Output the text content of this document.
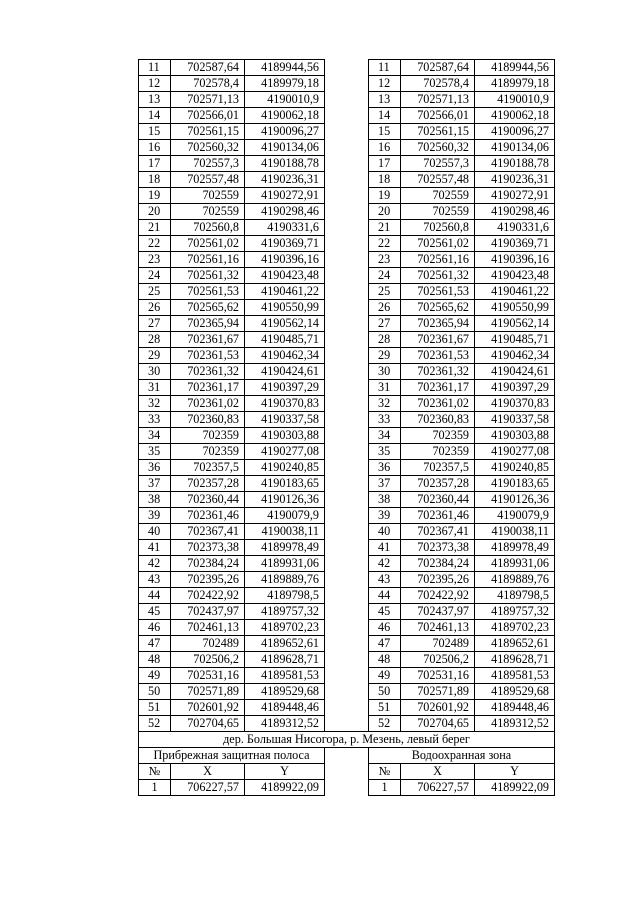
11	702587,64	4189944,56		11	702587,64	4189944,56
12	702578,4	4189979,18		12	702578,4	4189979,18
13	702571,13	4190010,9		13	702571,13	4190010,9
14	702566,01	4190062,18		14	702566,01	4190062,18
15	702561,15	4190096,27		15	702561,15	4190096,27
16	702560,32	4190134,06		16	702560,32	4190134,06
17	702557,3	4190188,78		17	702557,3	4190188,78
18	702557,48	4190236,31		18	702557,48	4190236,31
19	702559	4190272,91		19	702559	4190272,91
20	702559	4190298,46		20	702559	4190298,46
21	702560,8	4190331,6		21	702560,8	4190331,6
22	702561,02	4190369,71		22	702561,02	4190369,71
23	702561,16	4190396,16		23	702561,16	4190396,16
24	702561,32	4190423,48		24	702561,32	4190423,48
25	702561,53	4190461,22		25	702561,53	4190461,22
26	702565,62	4190550,99		26	702565,62	4190550,99
27	702365,94	4190562,14		27	702365,94	4190562,14
28	702361,67	4190485,71		28	702361,67	4190485,71
29	702361,53	4190462,34		29	702361,53	4190462,34
30	702361,32	4190424,61		30	702361,32	4190424,61
31	702361,17	4190397,29		31	702361,17	4190397,29
32	702361,02	4190370,83		32	702361,02	4190370,83
33	702360,83	4190337,58		33	702360,83	4190337,58
34	702359	4190303,88		34	702359	4190303,88
35	702359	4190277,08		35	702359	4190277,08
36	702357,5	4190240,85		36	702357,5	4190240,85
37	702357,28	4190183,65		37	702357,28	4190183,65
38	702360,44	4190126,36		38	702360,44	4190126,36
39	702361,46	4190079,9		39	702361,46	4190079,9
40	702367,41	4190038,11		40	702367,41	4190038,11
41	702373,38	4189978,49		41	702373,38	4189978,49
42	702384,24	4189931,06		42	702384,24	4189931,06
43	702395,26	4189889,76		43	702395,26	4189889,76
44	702422,92	4189798,5		44	702422,92	4189798,5
45	702437,97	4189757,32		45	702437,97	4189757,32
46	702461,13	4189702,23		46	702461,13	4189702,23
47	702489	4189652,61		47	702489	4189652,61
48	702506,2	4189628,71		48	702506,2	4189628,71
49	702531,16	4189581,53		49	702531,16	4189581,53
50	702571,89	4189529,68		50	702571,89	4189529,68
51	702601,92	4189448,46		51	702601,92	4189448,46
52	702704,65	4189312,52		52	702704,65	4189312,52
дер. Большая Нисогора, р. Мезень, левый берег						
Прибрежная защитная полоса				Водоохранная зона		
№	X	Y		№	X	Y
1	706227,57	4189922,09		1	706227,57	4189922,09
